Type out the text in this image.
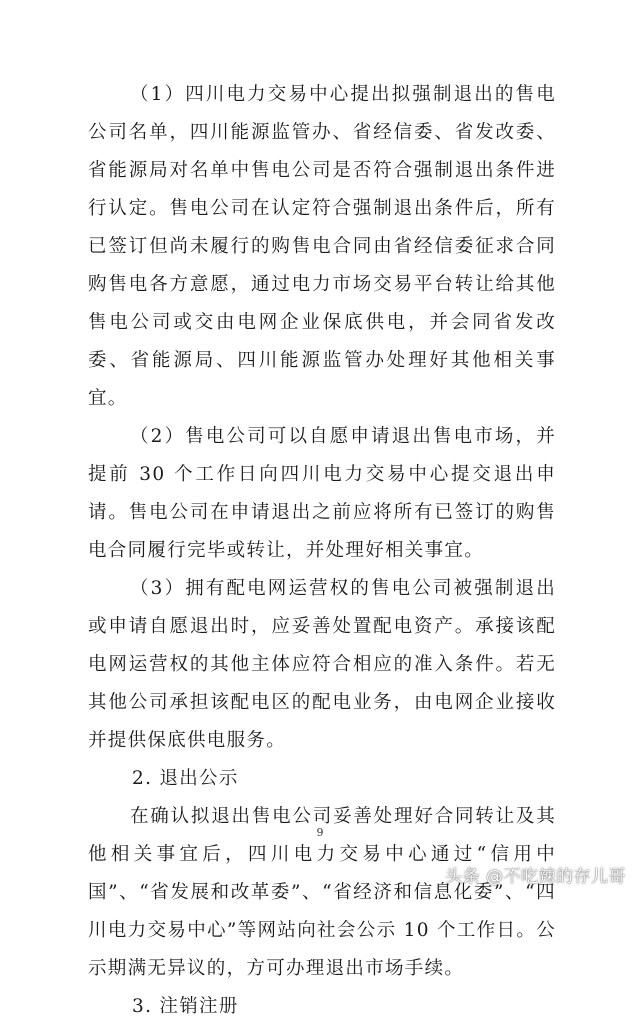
（1）四川电力交易中心提出拟强制退出的售电公司名单，四川能源监管办、省经信委、省发改委、省能源局对名单中售电公司是否符合强制退出条件进行认定。售电公司在认定符合强制退出条件后，所有已签订但尚未履行的购售电合同由省经信委征求合同购售电各方意愿，通过电力市场交易平台转让给其他售电公司或交由电网企业保底供电，并会同省发改委、省能源局、四川能源监管办处理好其他相关事宜。

（2）售电公司可以自愿申请退出售电市场，并提前 30 个工作日向四川电力交易中心提交退出申请。售电公司在申请退出之前应将所有已签订的购售电合同履行完毕或转让，并处理好相关事宜。

（3）拥有配电网运营权的售电公司被强制退出或申请自愿退出时，应妥善处置配电资产。承接该配电网运营权的其他主体应符合相应的准入条件。若无其他公司承担该配电区的配电业务，由电网企业接收并提供保底供电服务。

2. 退出公示

在确认拟退出售电公司妥善处理好合同转让及其他相关事宜后，四川电力交易中心通过“信用中国”、“省发展和改革委”、“省经济和信息化委”、“四川电力交易中心”等网站向社会公示 10 个工作日。公示期满无异议的，方可办理退出市场手续。

3. 注销注册

9
头条 @不吃辣的存儿哥
